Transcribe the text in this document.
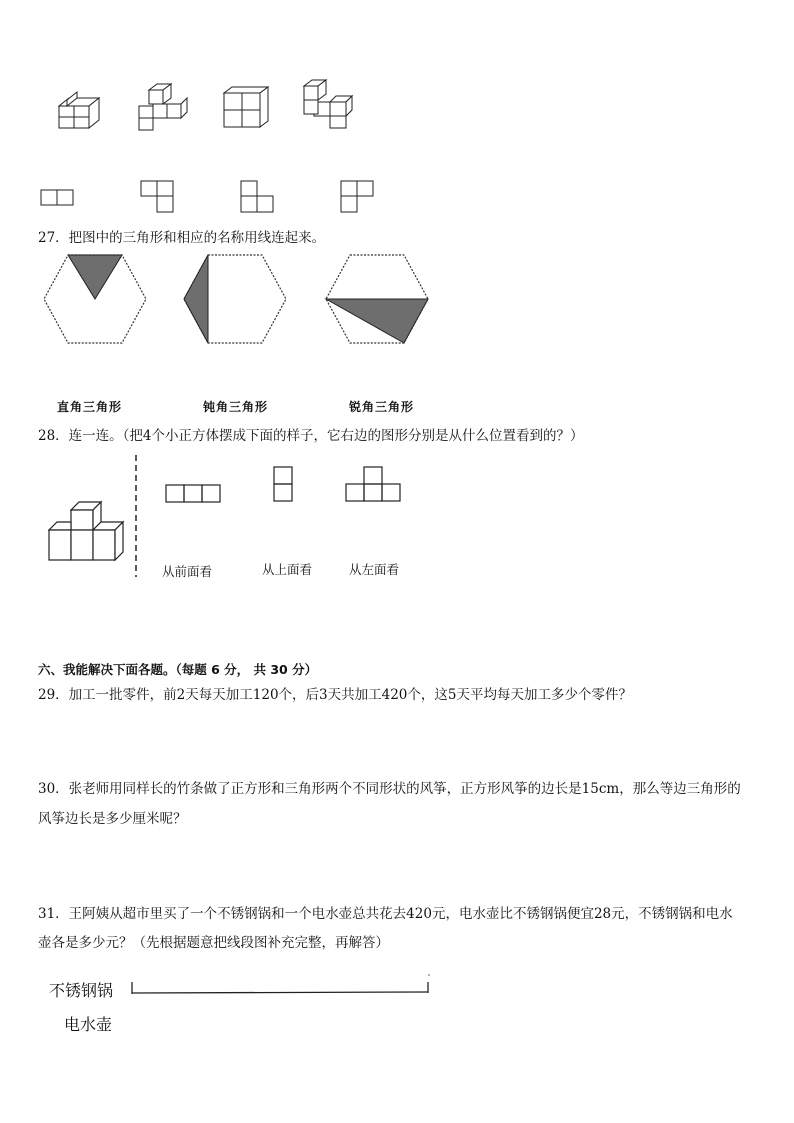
27．把图中的三角形和相应的名称用线连起来。
直角三角形	钝角三角形	锐角三角形
28．连一连。（把4个小正方体摆成下面的样子，它右边的图形分别是从什么位置看到的？）
从前面看	从上面看	从左面看
六、我能解决下面各题。（每题 6 分， 共 30 分）
29．加工一批零件，前2天每天加工120个，后3天共加工420个，这5天平均每天加工多少个零件？
30．张老师用同样长的竹条做了正方形和三角形两个不同形状的风筝，正方形风筝的边长是15cm，那么等边三角形的
风筝边长是多少厘米呢？
31．王阿姨从超市里买了一个不锈钢锅和一个电水壶总共花去420元，电水壶比不锈钢锅便宜28元，不锈钢锅和电水
壶各是多少元？（先根据题意把线段图补充完整，再解答）
不锈钢锅
电水壶
